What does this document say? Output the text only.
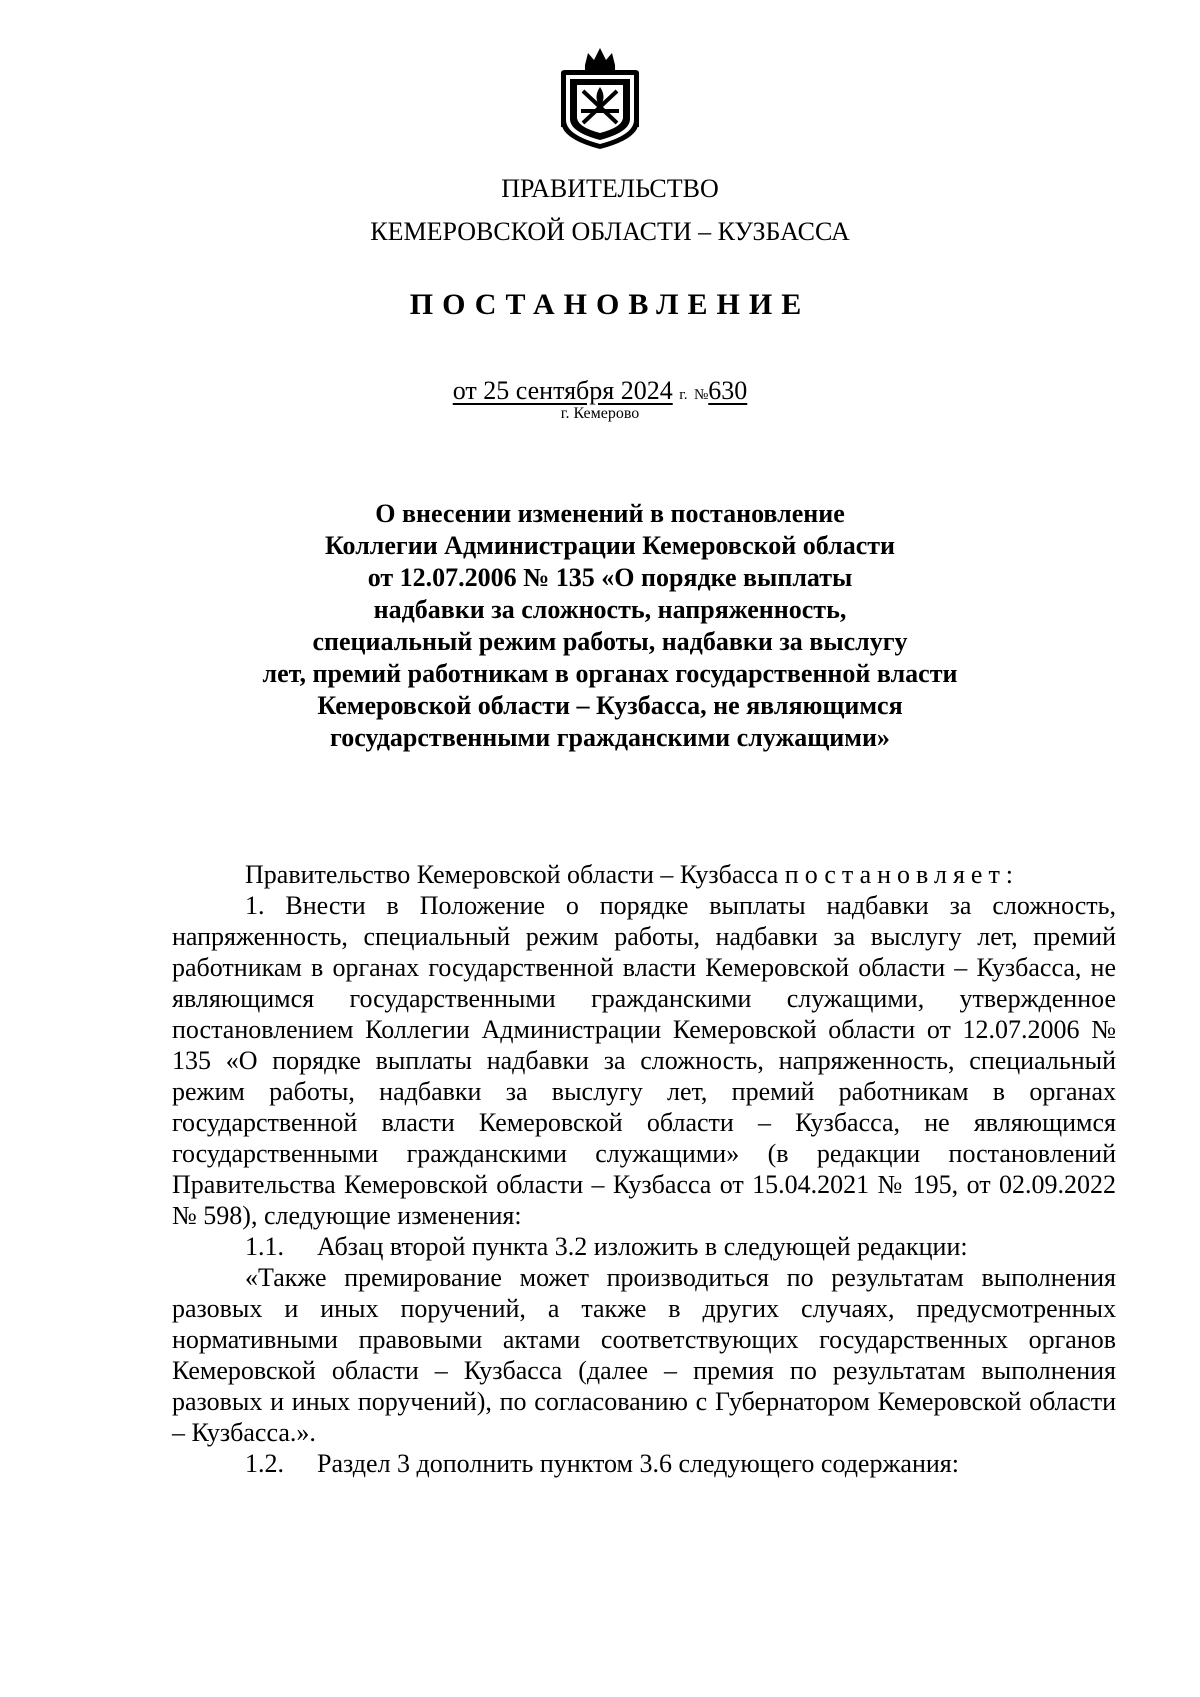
ПРАВИТЕЛЬСТВО
КЕМЕРОВСКОЙ ОБЛАСТИ – КУЗБАССА
ПОСТАНОВЛЕНИЕ
от 25 сентября 2024 г. №630
г. Кемерово
О внесении изменений в постановление
Коллегии Администрации Кемеровской области
от 12.07.2006 № 135 «О порядке выплаты
надбавки за сложность, напряженность,
специальный режим работы, надбавки за выслугу
лет, премий работникам в органах государственной власти
Кемеровской области – Кузбасса, не являющимся
государственными гражданскими служащими»

Правительство Кемеровской области – Кузбасса постановляет:

1. Внести в Положение о порядке выплаты надбавки за сложность, напряженность, специальный режим работы, надбавки за выслугу лет, премий работникам в органах государственной власти Кемеровской области – Кузбасса, не являющимся государственными гражданскими служащими, утвержденное постановлением Коллегии Администрации Кемеровской области от 12.07.2006 № 135 «О порядке выплаты надбавки за сложность, напряженность, специальный режим работы, надбавки за выслугу лет, премий работникам в органах государственной власти Кемеровской области – Кузбасса, не являющимся государственными гражданскими служащими» (в редакции постановлений Правительства Кемеровской области – Кузбасса от 15.04.2021 № 195, от 02.09.2022 № 598), следующие изменения:

1.1. Абзац второй пункта 3.2 изложить в следующей редакции:

«Также премирование может производиться по результатам выполнения разовых и иных поручений, а также в других случаях, предусмотренных нормативными правовыми актами соответствующих государственных органов Кемеровской области – Кузбасса (далее – премия по результатам выполнения разовых и иных поручений), по согласованию с Губернатором Кемеровской области – Кузбасса.».

1.2. Раздел 3 дополнить пунктом 3.6 следующего содержания:
